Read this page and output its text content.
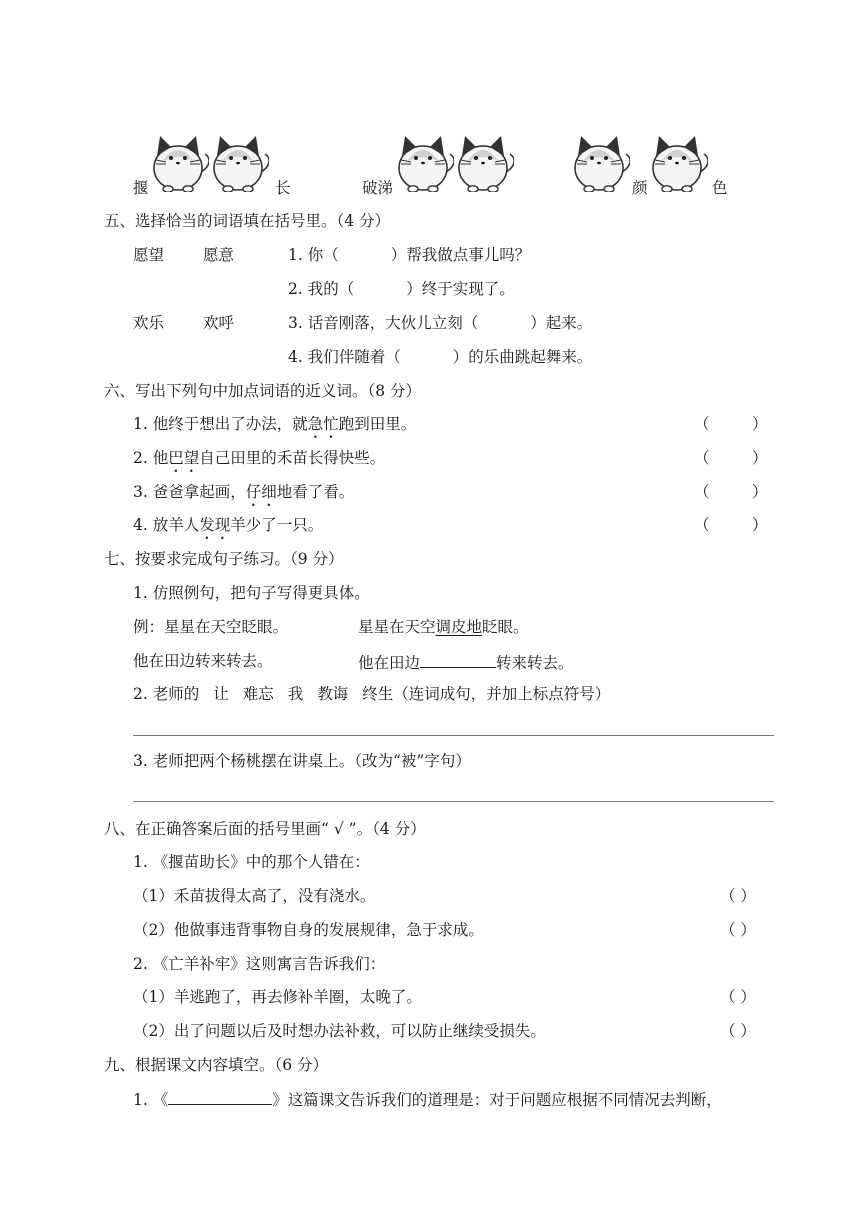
揠	长	破涕	颜	色
五、选择恰当的词语填在括号里。（4 分）
愿望	愿意	1. 你（	）帮我做点事儿吗？
2. 我的（	）终于实现了。
欢乐	欢呼	3. 话音刚落，大伙儿立刻（	）起来。
4. 我们伴随着（	）的乐曲跳起舞来。
六、写出下列句中加点词语的近义词。（8 分）
1. 他终于想出了办法，就急忙跑到田里。	（	）
2. 他巴望自己田里的禾苗长得快些。	（	）
3. 爸爸拿起画，仔细地看了看。	（	）
4. 放羊人发现羊少了一只。	（	）
七、按要求完成句子练习。（9 分）
1. 仿照例句，把句子写得更具体。
例：星星在天空眨眼。	星星在天空调皮地眨眼。
他在田边转来转去。	他在田边	转来转去。
2. 老师的 让 难忘 我 教诲 终生（连词成句，并加上标点符号）
3. 老师把两个杨桃摆在讲桌上。（改为“被”字句）
八、在正确答案后面的括号里画“ √ ”。（4 分）
1. 《揠苗助长》中的那个人错在：
（1）禾苗拔得太高了，没有浇水。	（ ）
（2）他做事违背事物自身的发展规律，急于求成。	（ ）
2. 《亡羊补牢》这则寓言告诉我们：
（1）羊逃跑了，再去修补羊圈，太晚了。	（ ）
（2）出了问题以后及时想办法补救，可以防止继续受损失。	（ ）
九、根据课文内容填空。（6 分）
1. 《	》这篇课文告诉我们的道理是：对于问题应根据不同情况去判断，
